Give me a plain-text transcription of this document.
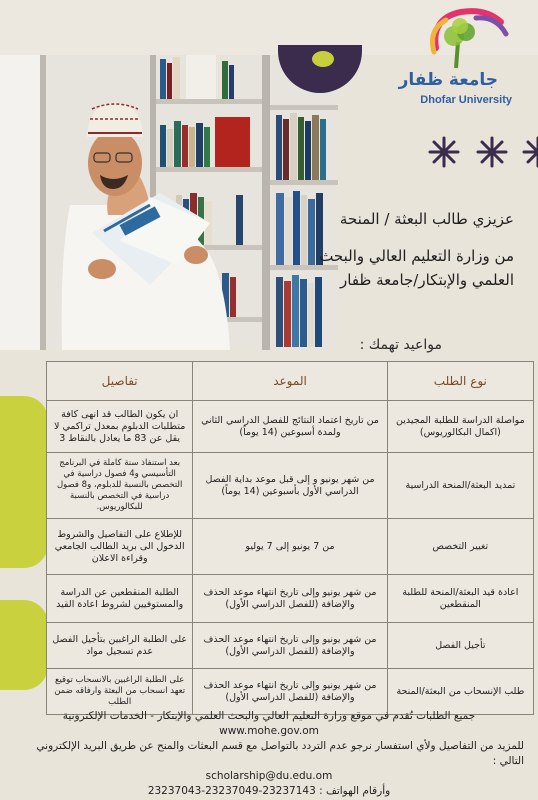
جامعة ظفار
Dhofar University
عزيزي طالب البعثة / المنحة
من وزارة التعليم العالي والبحث
العلمي والإبتكار/جامعة ظفار
مواعيد تهمك :
نوع الطلب	الموعد	تفاصيل
مواصلة الدراسة للطلبة المجيدين (اكمال البكالوريوس)	من تاريخ اعتماد النتائج للفصل الدراسي الثاني ولمدة أسبوعين (14 يوماً)	ان يكون الطالب قد انهى كافة متطلبات الدبلوم بمعدل تراكمي لا يقل عن 83 ما يعادل بالنقاط 3
تمديد البعثة/المنحة الدراسية	من شهر يونيو و إلى قبل موعد بداية الفصل الدراسي الأول بأسبوعين (14 يوماً)	بعد استنفاذ سنة كاملة في البرنامج التأسيسي و4 فصول دراسية في التخصص بالنسبة للدبلوم، و8 فصول دراسية في التخصص بالنسبة للبكالوريوس.
تغيير التخصص	من 7 يونيو إلى 7 يوليو	للإطلاع على التفاصيل والشروط الدخول الى بريد الطالب الجامعي وقراءة الاعلان
اعادة قيد البعثة/المنحة للطلبة المنقطعين	من شهر يونيو وإلى تاريخ انتهاء موعد الحذف والإضافة (للفصل الدراسي الأول)	الطلبة المنقطعين عن الدراسة والمستوفيين لشروط اعادة القيد
تأجيل الفصل	من شهر يونيو وإلى تاريخ انتهاء موعد الحذف والإضافة (للفصل الدراسي الأول)	على الطلبة الراغبين بتأجيل الفصل عدم تسجيل مواد
طلب الإنسحاب من البعثة/المنحة	من شهر يونيو وإلى تاريخ انتهاء موعد الحذف والإضافة (للفصل الدراسي الأول)	على الطلبة الراغبين بالانسحاب توقيع تعهد انسحاب من البعثة وارفاقه ضمن الطلب
جميع الطلبات تُقدم في موقع وزارة التعليم العالي والبحث العلمي والإبتكار - الخدمات الإلكترونية
www.mohe.gov.om
للمزيد من التفاصيل ولأي استفسار نرجو عدم التردد بالتواصل مع قسم البعثات والمنح عن طريق البريد الإلكتروني التالي :
scholarship@du.edu.om
وأرقام الهواتف : 23237143-23237049-23237043
